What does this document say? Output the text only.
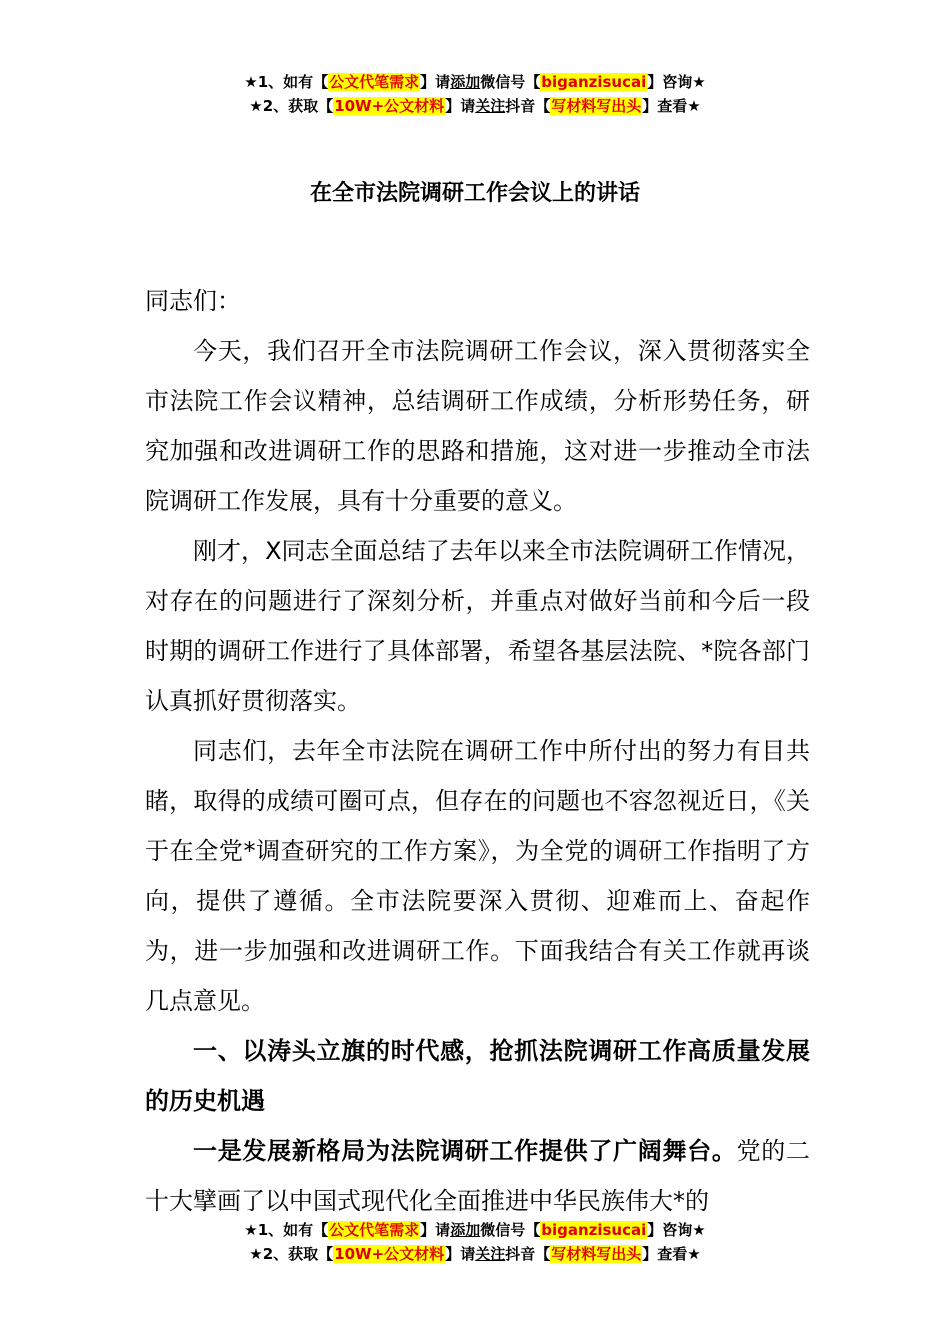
★1、如有【公文代笔需求】请添加微信号【biganzisucai】咨询★
★2、获取【10W+公文材料】请关注抖音【写材料写出头】查看★
在全市法院调研工作会议上的讲话

同志们：

今天，我们召开全市法院调研工作会议，深入贯彻落实全市法院工作会议精神，总结调研工作成绩，分析形势任务，研究加强和改进调研工作的思路和措施，这对进一步推动全市法院调研工作发展，具有十分重要的意义。

刚才，X同志全面总结了去年以来全市法院调研工作情况，对存在的问题进行了深刻分析，并重点对做好当前和今后一段时期的调研工作进行了具体部署，希望各基层法院、*院各部门认真抓好贯彻落实。

同志们，去年全市法院在调研工作中所付出的努力有目共睹，取得的成绩可圈可点，但存在的问题也不容忽视近日，《关于在全党*调查研究的工作方案》，为全党的调研工作指明了方向，提供了遵循。全市法院要深入贯彻、迎难而上、奋起作为，进一步加强和改进调研工作。下面我结合有关工作就再谈几点意见。

一、以涛头立旗的时代感，抢抓法院调研工作高质量发展的历史机遇

一是发展新格局为法院调研工作提供了广阔舞台。党的二十大擘画了以中国式现代化全面推进中华民族伟大*的

★1、如有【公文代笔需求】请添加微信号【biganzisucai】咨询★
★2、获取【10W+公文材料】请关注抖音【写材料写出头】查看★
